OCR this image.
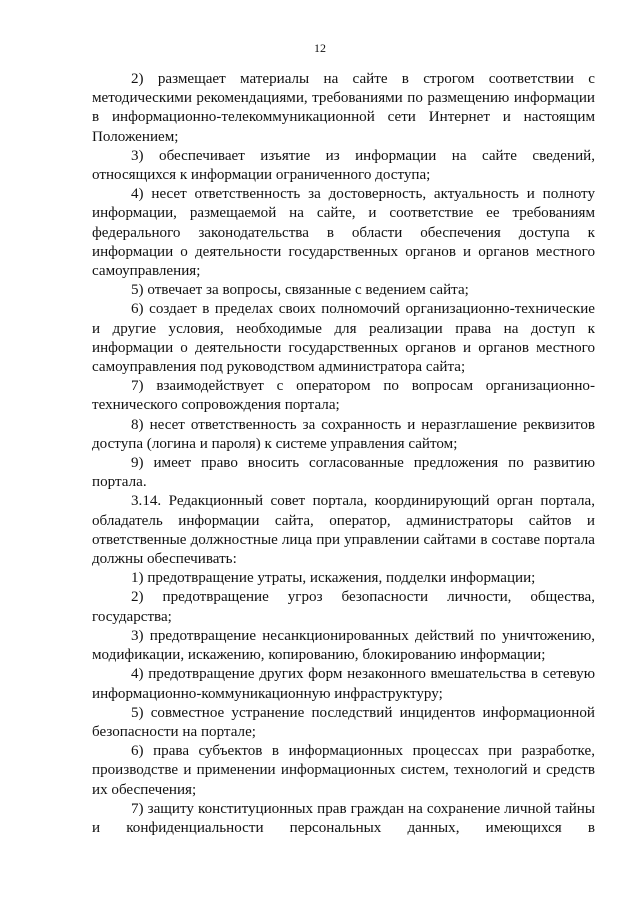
12

2) размещает материалы на сайте в строгом соответствии с методическими рекомендациями, требованиями по размещению информации в информационно-телекоммуникационной сети Интернет и настоящим Положением;

3) обеспечивает изъятие из информации на сайте сведений, относящихся к информации ограниченного доступа;

4) несет ответственность за достоверность, актуальность и полноту информации, размещаемой на сайте, и соответствие ее требованиям федерального законодательства в области обеспечения доступа к информации о деятельности государственных органов и органов местного самоуправления;

5) отвечает за вопросы, связанные с ведением сайта;

6) создает в пределах своих полномочий организационно-технические и другие условия, необходимые для реализации права на доступ к информации о деятельности государственных органов и органов местного самоуправления под руководством администратора сайта;

7) взаимодействует с оператором по вопросам организационно-технического сопровождения портала;

8) несет ответственность за сохранность и неразглашение реквизитов доступа (логина и пароля) к системе управления сайтом;

9) имеет право вносить согласованные предложения по развитию портала.

3.14. Редакционный совет портала, координирующий орган портала, обладатель информации сайта, оператор, администраторы сайтов и ответственные должностные лица при управлении сайтами в составе портала должны обеспечивать:

1) предотвращение утраты, искажения, подделки информации;

2) предотвращение угроз безопасности личности, общества, государства;

3) предотвращение несанкционированных действий по уничтожению, модификации, искажению, копированию, блокированию информации;

4) предотвращение других форм незаконного вмешательства в сетевую информационно-коммуникационную инфраструктуру;

5) совместное устранение последствий инцидентов информационной безопасности на портале;

6) права субъектов в информационных процессах при разработке, производстве и применении информационных систем, технологий и средств их обеспечения;

7) защиту конституционных прав граждан на сохранение личной тайны и конфиденциальности персональных данных, имеющихся в
